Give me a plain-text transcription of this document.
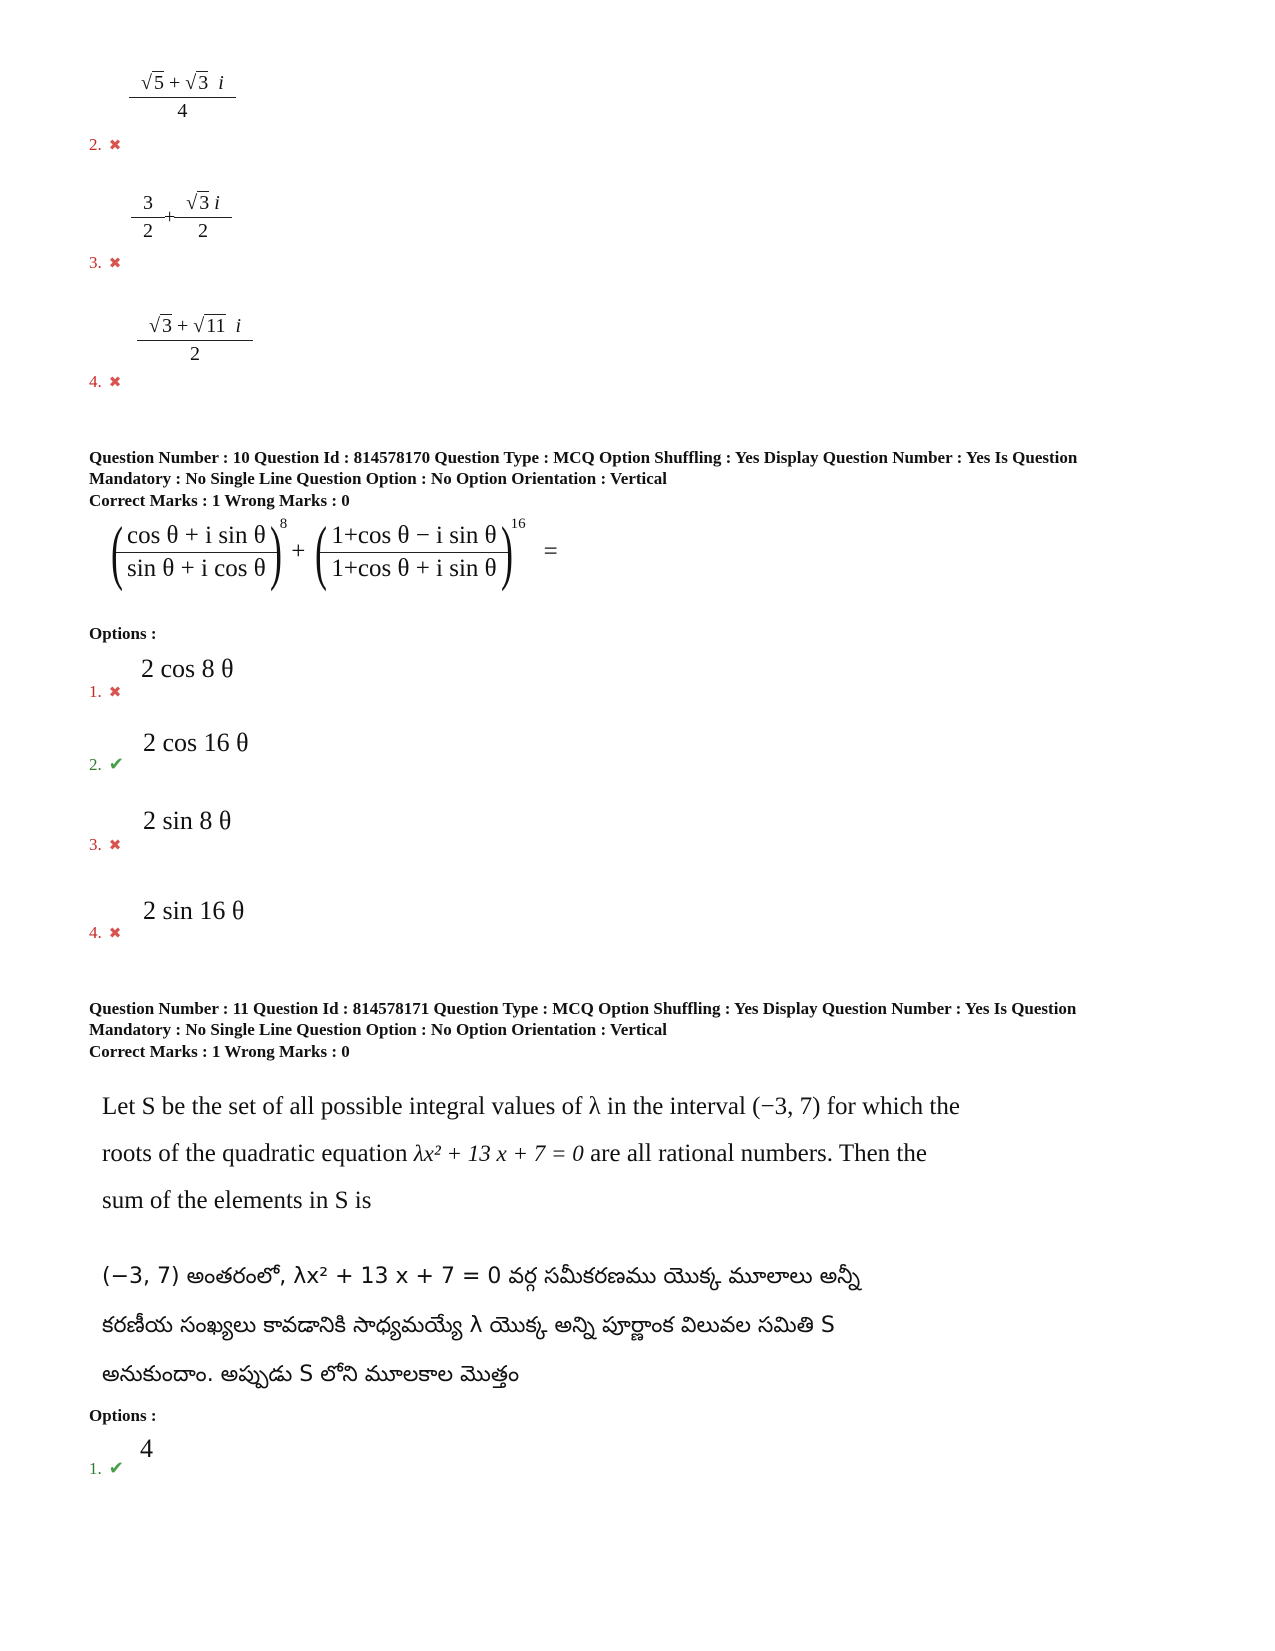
$\frac{√ 5 + √ 3 i}{4}$
2. ✖
$\frac{3}{2} + \frac{√ 3 i}{2}$
3. ✖
$\frac{√ 3 + √ 11 i}{2}$
4. ✖
Question Number : 10 Question Id : 814578170 Question Type : MCQ Option Shuffling : Yes Display Question Number : Yes Is Question
Mandatory : No Single Line Question Option : No Option Orientation : Vertical
Correct Marks : 1 Wrong Marks : 0
(
$\frac{\text{cos θ + i sin θ}}{\text{sin θ + i cos θ}}$
)
8
+ (
$\frac{\text{1+cos θ − i sin θ}}{\text{1+cos θ + i sin θ}}$
)
16
=
Options :
2 cos 8 θ
1. ✖
2 cos 16 θ
2. ✔
2 sin 8 θ
3. ✖
2 sin 16 θ
4. ✖
Question Number : 11 Question Id : 814578171 Question Type : MCQ Option Shuffling : Yes Display Question Number : Yes Is Question
Mandatory : No Single Line Question Option : No Option Orientation : Vertical
Correct Marks : 1 Wrong Marks : 0
Let S be the set of all possible integral values of λ in the interval (−3, 7) for which the
roots of the quadratic equation λx² + 13 x + 7 = 0 are all rational numbers. Then the
sum of the elements in S is
(−3, 7) అంతరంలో, λx² + 13 x + 7 = 0 వర్గ సమీకరణము యొక్క మూలాలు అన్నీ
కరణీయ సంఖ్యలు కావడానికి సాధ్యమయ్యే λ యొక్క అన్ని పూర్ణాంక విలువల సమితి S
అనుకుందాం. అప్పుడు S లోని మూలకాల మొత్తం
Options :
4
1. ✔
